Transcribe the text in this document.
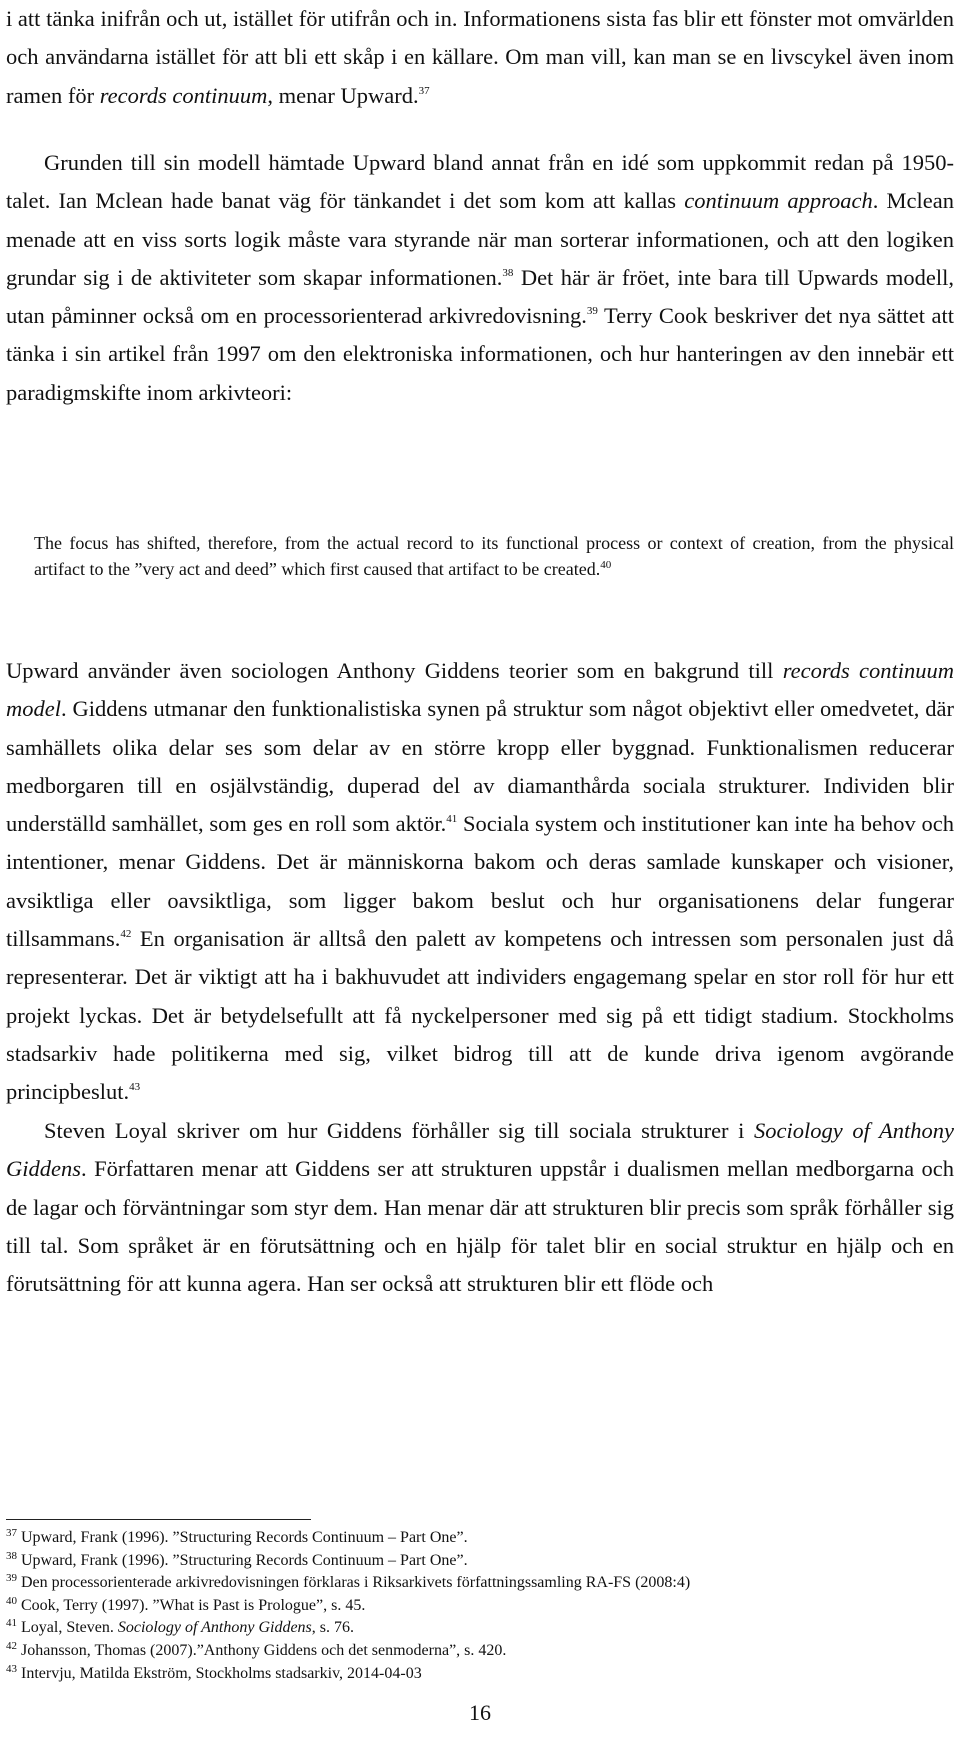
i att tänka inifrån och ut, istället för utifrån och in. Informationens sista fas blir ett fönster mot omvärlden och användarna istället för att bli ett skåp i en källare. Om man vill, kan man se en livscykel även inom ramen för records continuum, menar Upward.$^{37}$
Grunden till sin modell hämtade Upward bland annat från en idé som uppkommit redan på 1950-talet. Ian Mclean hade banat väg för tänkandet i det som kom att kallas continuum approach. Mclean menade att en viss sorts logik måste vara styrande när man sorterar informationen, och att den logiken grundar sig i de aktiviteter som skapar informationen.$^{38}$ Det här är fröet, inte bara till Upwards modell, utan påminner också om en processorienterad arkivredovisning.$^{39}$ Terry Cook beskriver det nya sättet att tänka i sin artikel från 1997 om den elektroniska informationen, och hur hanteringen av den innebär ett paradigmskifte inom arkivteori:
The focus has shifted, therefore, from the actual record to its functional process or context of creation, from the physical artifact to the ”very act and deed” which first caused that artifact to be created.$^{40}$
Upward använder även sociologen Anthony Giddens teorier som en bakgrund till records continuum model. Giddens utmanar den funktionalistiska synen på struktur som något objektivt eller omedvetet, där samhällets olika delar ses som delar av en större kropp eller byggnad. Funktionalismen reducerar medborgaren till en osjälvständig, duperad del av diamanthårda sociala strukturer. Individen blir underställd samhället, som ges en roll som aktör.$^{41}$ Sociala system och institutioner kan inte ha behov och intentioner, menar Giddens. Det är människorna bakom och deras samlade kunskaper och visioner, avsiktliga eller oavsiktliga, som ligger bakom beslut och hur organisationens delar fungerar tillsammans.$^{42}$ En organisation är alltså den palett av kompetens och intressen som personalen just då representerar. Det är viktigt att ha i bakhuvudet att individers engagemang spelar en stor roll för hur ett projekt lyckas. Det är betydelsefullt att få nyckelpersoner med sig på ett tidigt stadium. Stockholms stadsarkiv hade politikerna med sig, vilket bidrog till att de kunde driva igenom avgörande principbeslut.$^{43}$
Steven Loyal skriver om hur Giddens förhåller sig till sociala strukturer i Sociology of Anthony Giddens. Författaren menar att Giddens ser att strukturen uppstår i dualismen mellan medborgarna och de lagar och förväntningar som styr dem. Han menar där att strukturen blir precis som språk förhåller sig till tal. Som språket är en förutsättning och en hjälp för talet blir en social struktur en hjälp och en förutsättning för att kunna agera. Han ser också att strukturen blir ett flöde och
$^{37}$ Upward, Frank (1996). ”Structuring Records Continuum – Part One”.
$^{38}$ Upward, Frank (1996). ”Structuring Records Continuum – Part One”.
$^{39}$ Den processorienterade arkivredovisningen förklaras i Riksarkivets författningssamling RA-FS (2008:4)
$^{40}$ Cook, Terry (1997). ”What is Past is Prologue”, s. 45.
$^{41}$ Loyal, Steven. Sociology of Anthony Giddens, s. 76.
$^{42}$ Johansson, Thomas (2007).”Anthony Giddens och det senmoderna”, s. 420.
$^{43}$ Intervju, Matilda Ekström, Stockholms stadsarkiv, 2014-04-03
16
